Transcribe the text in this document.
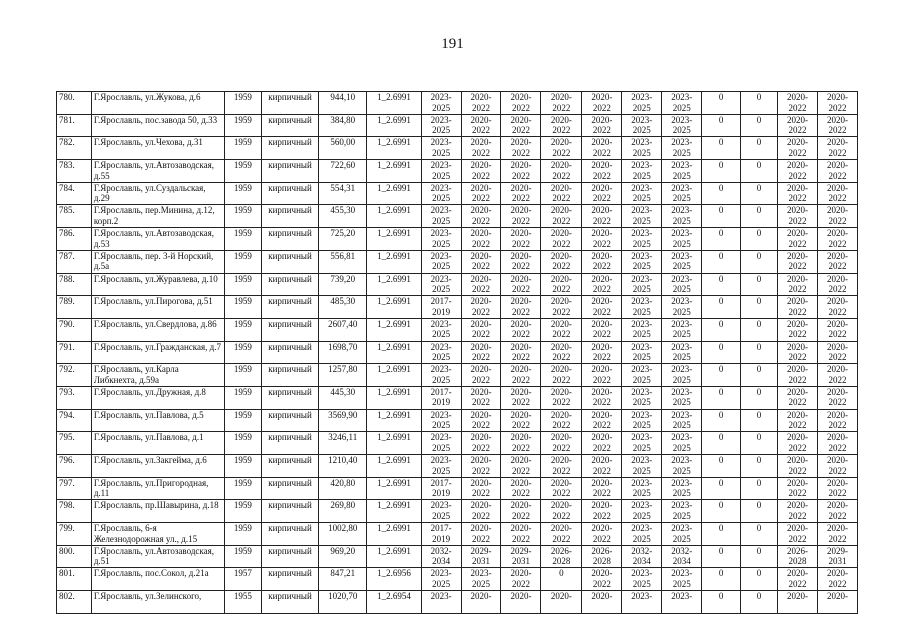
191
780.	Г.Ярославль, ул.Жукова, д.6	1959	кирпичный	944,10	1_2.6991	2023-2025	2020-2022	2020-2022	2020-2022	2020-2022	2023-2025	2023-2025	0	0	2020-2022	2020-2022
781.	Г.Ярославль, пос.завода 50, д.33	1959	кирпичный	384,80	1_2.6991	2023-2025	2020-2022	2020-2022	2020-2022	2020-2022	2023-2025	2023-2025	0	0	2020-2022	2020-2022
782.	Г.Ярославль, ул.Чехова, д.31	1959	кирпичный	560,00	1_2.6991	2023-2025	2020-2022	2020-2022	2020-2022	2020-2022	2023-2025	2023-2025	0	0	2020-2022	2020-2022
783.	Г.Ярославль, ул.Автозаводская, д.55	1959	кирпичный	722,60	1_2.6991	2023-2025	2020-2022	2020-2022	2020-2022	2020-2022	2023-2025	2023-2025	0	0	2020-2022	2020-2022
784.	Г.Ярославль, ул.Суздальская, д.29	1959	кирпичный	554,31	1_2.6991	2023-2025	2020-2022	2020-2022	2020-2022	2020-2022	2023-2025	2023-2025	0	0	2020-2022	2020-2022
785.	Г.Ярославль, пер.Минина, д.12, корп.2	1959	кирпичный	455,30	1_2.6991	2023-2025	2020-2022	2020-2022	2020-2022	2020-2022	2023-2025	2023-2025	0	0	2020-2022	2020-2022
786.	Г.Ярославль, ул.Автозаводская, д.53	1959	кирпичный	725,20	1_2.6991	2023-2025	2020-2022	2020-2022	2020-2022	2020-2022	2023-2025	2023-2025	0	0	2020-2022	2020-2022
787.	Г.Ярославль, пер. 3-й Норский, д.5а	1959	кирпичный	556,81	1_2.6991	2023-2025	2020-2022	2020-2022	2020-2022	2020-2022	2023-2025	2023-2025	0	0	2020-2022	2020-2022
788.	Г.Ярославль, ул.Журавлева, д.10	1959	кирпичный	739,20	1_2.6991	2023-2025	2020-2022	2020-2022	2020-2022	2020-2022	2023-2025	2023-2025	0	0	2020-2022	2020-2022
789.	Г.Ярославль, ул.Пирогова, д.51	1959	кирпичный	485,30	1_2.6991	2017-2019	2020-2022	2020-2022	2020-2022	2020-2022	2023-2025	2023-2025	0	0	2020-2022	2020-2022
790.	Г.Ярославль, ул.Свердлова, д.86	1959	кирпичный	2607,40	1_2.6991	2023-2025	2020-2022	2020-2022	2020-2022	2020-2022	2023-2025	2023-2025	0	0	2020-2022	2020-2022
791.	Г.Ярославль, ул.Гражданская, д.7	1959	кирпичный	1698,70	1_2.6991	2023-2025	2020-2022	2020-2022	2020-2022	2020-2022	2023-2025	2023-2025	0	0	2020-2022	2020-2022
792.	Г.Ярославль, ул.Карла Либкнехта, д.59а	1959	кирпичный	1257,80	1_2.6991	2023-2025	2020-2022	2020-2022	2020-2022	2020-2022	2023-2025	2023-2025	0	0	2020-2022	2020-2022
793.	Г.Ярославль, ул.Дружная, д.8	1959	кирпичный	445,30	1_2.6991	2017-2019	2020-2022	2020-2022	2020-2022	2020-2022	2023-2025	2023-2025	0	0	2020-2022	2020-2022
794.	Г.Ярославль, ул.Павлова, д.5	1959	кирпичный	3569,90	1_2.6991	2023-2025	2020-2022	2020-2022	2020-2022	2020-2022	2023-2025	2023-2025	0	0	2020-2022	2020-2022
795.	Г.Ярославль, ул.Павлова, д.1	1959	кирпичный	3246,11	1_2.6991	2023-2025	2020-2022	2020-2022	2020-2022	2020-2022	2023-2025	2023-2025	0	0	2020-2022	2020-2022
796.	Г.Ярославль, ул.Закгейма, д.6	1959	кирпичный	1210,40	1_2.6991	2023-2025	2020-2022	2020-2022	2020-2022	2020-2022	2023-2025	2023-2025	0	0	2020-2022	2020-2022
797.	Г.Ярославль, ул.Пригородная, д.11	1959	кирпичный	420,80	1_2.6991	2017-2019	2020-2022	2020-2022	2020-2022	2020-2022	2023-2025	2023-2025	0	0	2020-2022	2020-2022
798.	Г.Ярославль, пр.Шавырина, д.18	1959	кирпичный	269,80	1_2.6991	2023-2025	2020-2022	2020-2022	2020-2022	2020-2022	2023-2025	2023-2025	0	0	2020-2022	2020-2022
799.	Г.Ярославль, 6-я Железнодорожная ул., д.15	1959	кирпичный	1002,80	1_2.6991	2017-2019	2020-2022	2020-2022	2020-2022	2020-2022	2023-2025	2023-2025	0	0	2020-2022	2020-2022
800.	Г.Ярославль, ул.Автозаводская, д.51	1959	кирпичный	969,20	1_2.6991	2032-2034	2029-2031	2029-2031	2026-2028	2026-2028	2032-2034	2032-2034	0	0	2026-2028	2029-2031
801.	Г.Ярославль, пос.Сокол, д.21а	1957	кирпичный	847,21	1_2.6956	2023-2025	2023-2025	2020-2022	0	2020-2022	2023-2025	2023-2025	0	0	2020-2022	2020-2022
802.	Г.Ярославль, ул.Зелинского,	1955	кирпичный	1020,70	1_2.6954	2023-	2020-	2020-	2020-	2020-	2023-	2023-	0	0	2020-	2020-
